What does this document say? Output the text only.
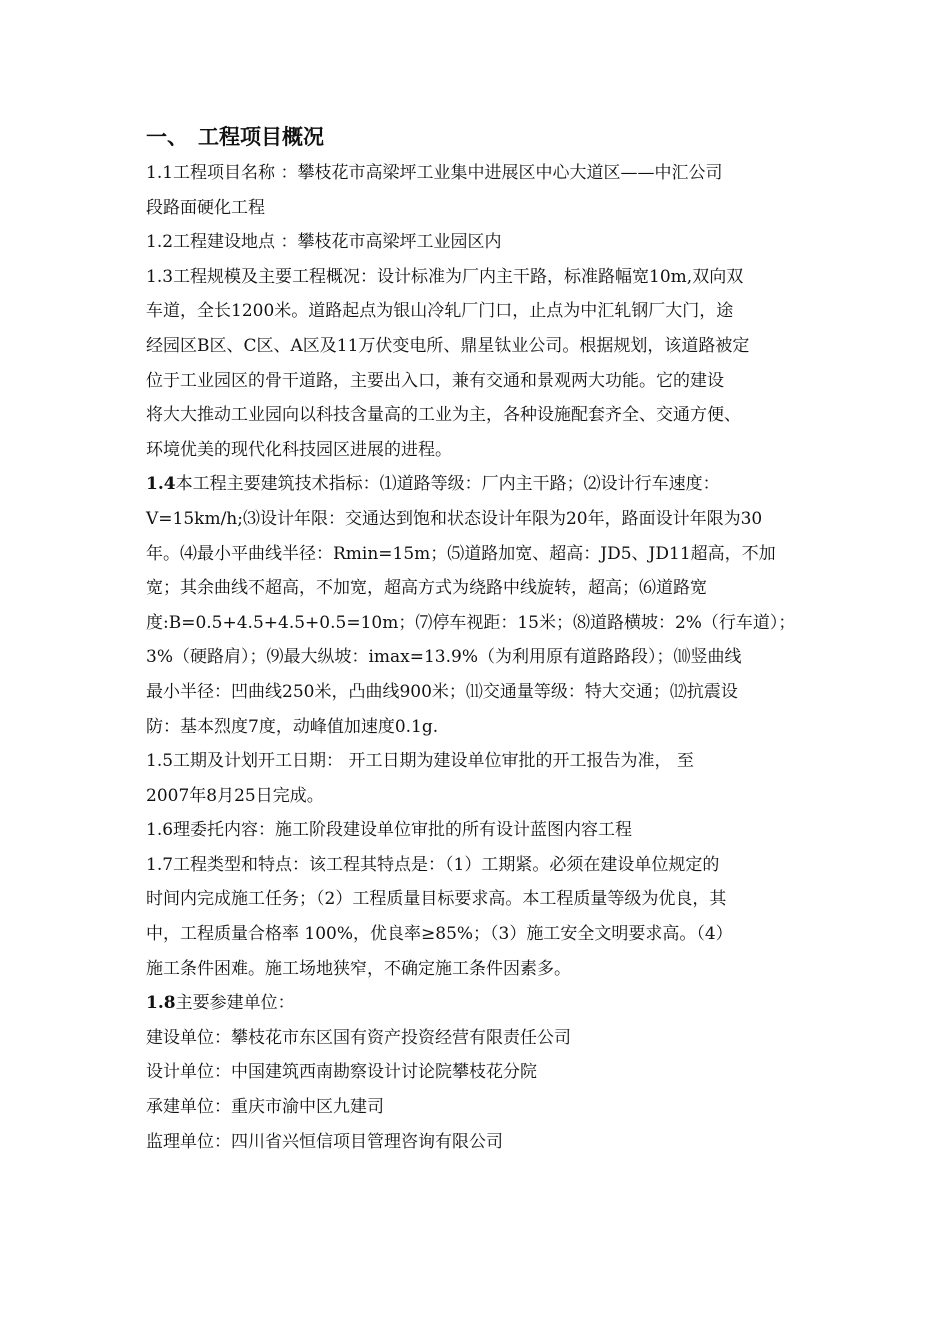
一、 工程项目概况
1.1工程项目名称 ：攀枝花市高梁坪工业集中进展区中心大道区——中汇公司
段路面硬化工程
1.2工程建设地点 ：攀枝花市高梁坪工业园区内
1.3工程规模及主要工程概况：设计标准为厂内主干路，标准路幅宽10m,双向双
车道，全长1200米。道路起点为银山冷轧厂门口，止点为中汇轧钢厂大门，途
经园区B区、C区、A区及11万伏变电所、鼎星钛业公司。根据规划，该道路被定
位于工业园区的骨干道路，主要出入口，兼有交通和景观两大功能。它的建设
将大大推动工业园向以科技含量高的工业为主，各种设施配套齐全、交通方便、
环境优美的现代化科技园区进展的进程。
1.4本工程主要建筑技术指标：⑴道路等级：厂内主干路；⑵设计行车速度：
V=15km/h;⑶设计年限：交通达到饱和状态设计年限为20年，路面设计年限为30
年。⑷最小平曲线半径：Rmin=15m；⑸道路加宽、超高：JD5、JD11超高，不加
宽；其余曲线不超高，不加宽，超高方式为绕路中线旋转，超高；⑹道路宽
度:B=0.5+4.5+4.5+0.5=10m；⑺停车视距：15米；⑻道路横坡：2%（行车道）；
3%（硬路肩）；⑼最大纵坡：imax=13.9%（为利用原有道路路段）；⑽竖曲线
最小半径：凹曲线250米，凸曲线900米；⑾交通量等级：特大交通；⑿抗震设
防：基本烈度7度，动峰值加速度0.1g.
1.5工期及计划开工日期： 开工日期为建设单位审批的开工报告为准， 至
2007年8月25日完成。
1.6理委托内容：施工阶段建设单位审批的所有设计蓝图内容工程
1.7工程类型和特点：该工程其特点是：（1）工期紧。必须在建设单位规定的
时间内完成施工任务；（2）工程质量目标要求高。本工程质量等级为优良，其
中，工程质量合格率 100%，优良率≥85%；（3）施工安全文明要求高。（4）
施工条件困难。施工场地狭窄，不确定施工条件因素多。
1.8主要参建单位：
建设单位：攀枝花市东区国有资产投资经营有限责任公司
设计单位：中国建筑西南勘察设计讨论院攀枝花分院
承建单位：重庆市渝中区九建司
监理单位：四川省兴恒信项目管理咨询有限公司
